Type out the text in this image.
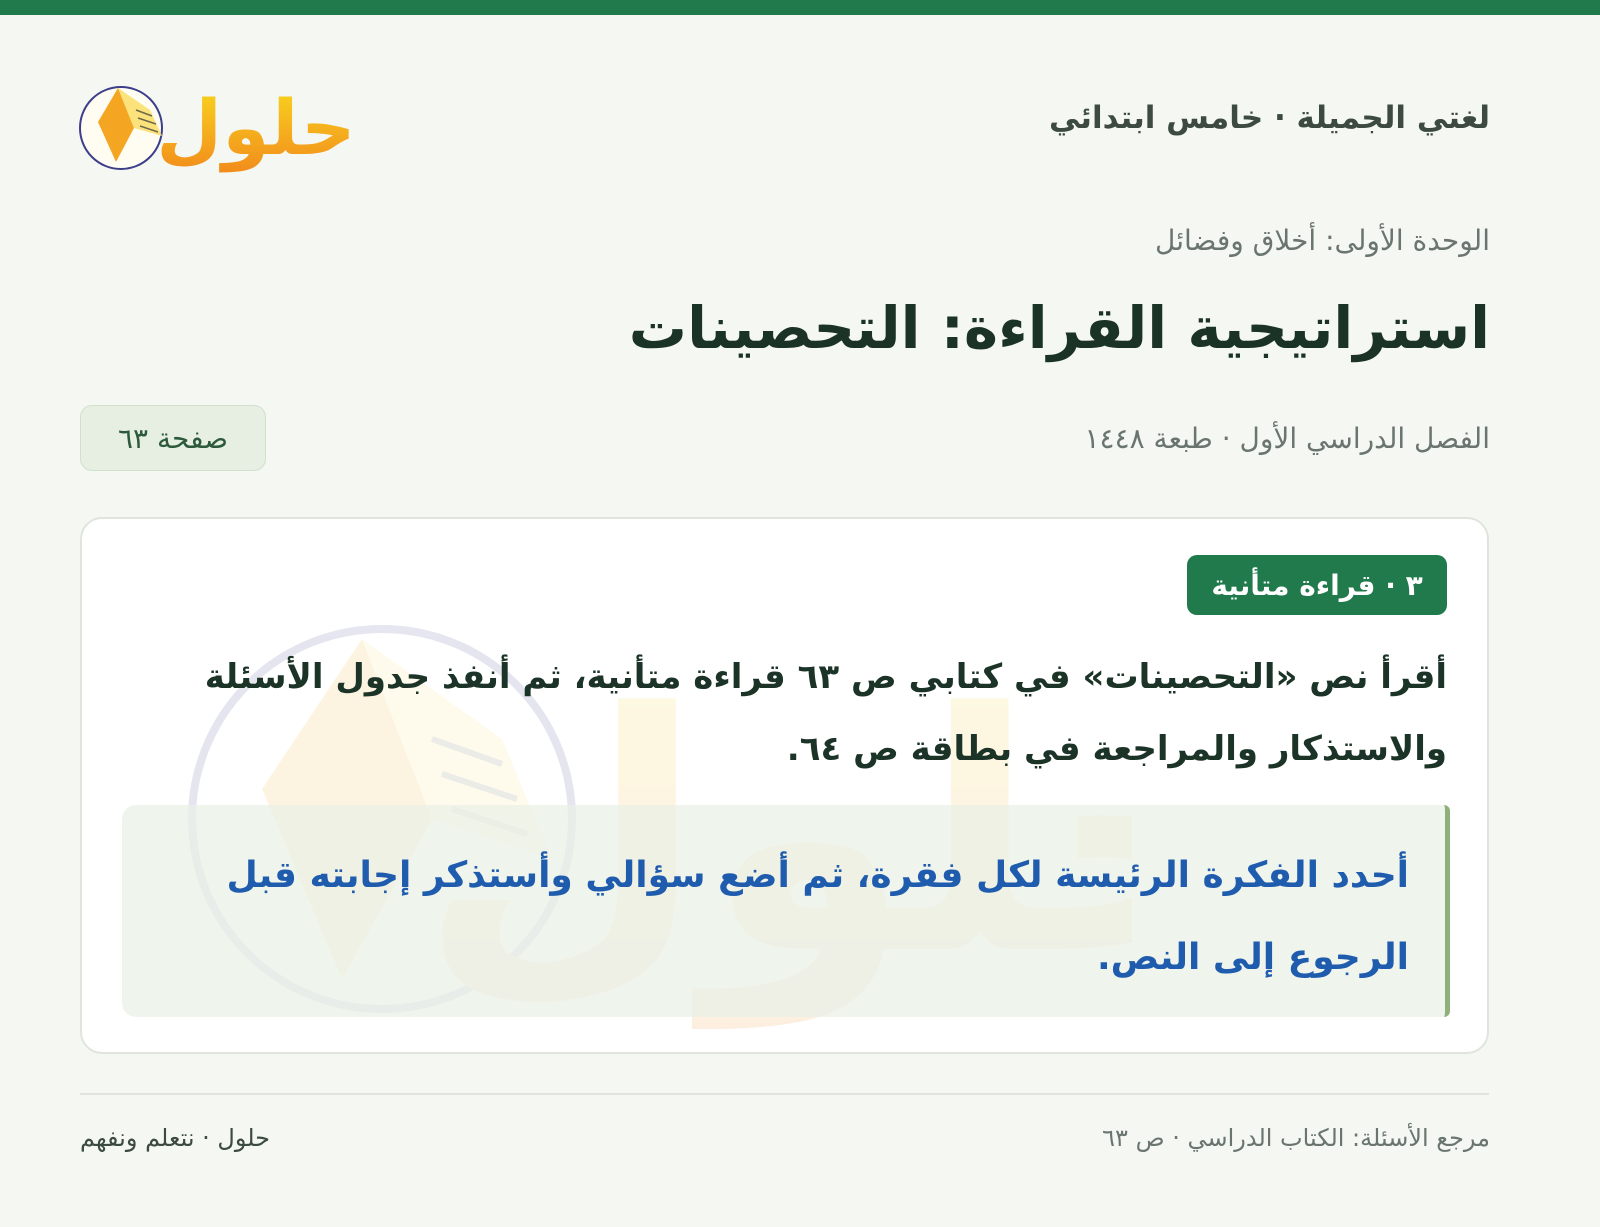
لغتي الجميلة · خامس ابتدائي
حلول
الوحدة الأولى: أخلاق وفضائل
استراتيجية القراءة: التحصينات
الفصل الدراسي الأول · طبعة ١٤٤٨
صفحة ٦٣
٣ · قراءة متأنية
أقرأ نص «التحصينات» في كتابي ص ٦٣ قراءة متأنية، ثم أنفذ جدول الأسئلة والاستذكار والمراجعة في بطاقة ص ٦٤.
أحدد الفكرة الرئيسة لكل فقرة، ثم أضع سؤالي وأستذكر إجابته قبل الرجوع إلى النص.
مرجع الأسئلة: الكتاب الدراسي · ص ٦٣
حلول · نتعلم ونفهم
